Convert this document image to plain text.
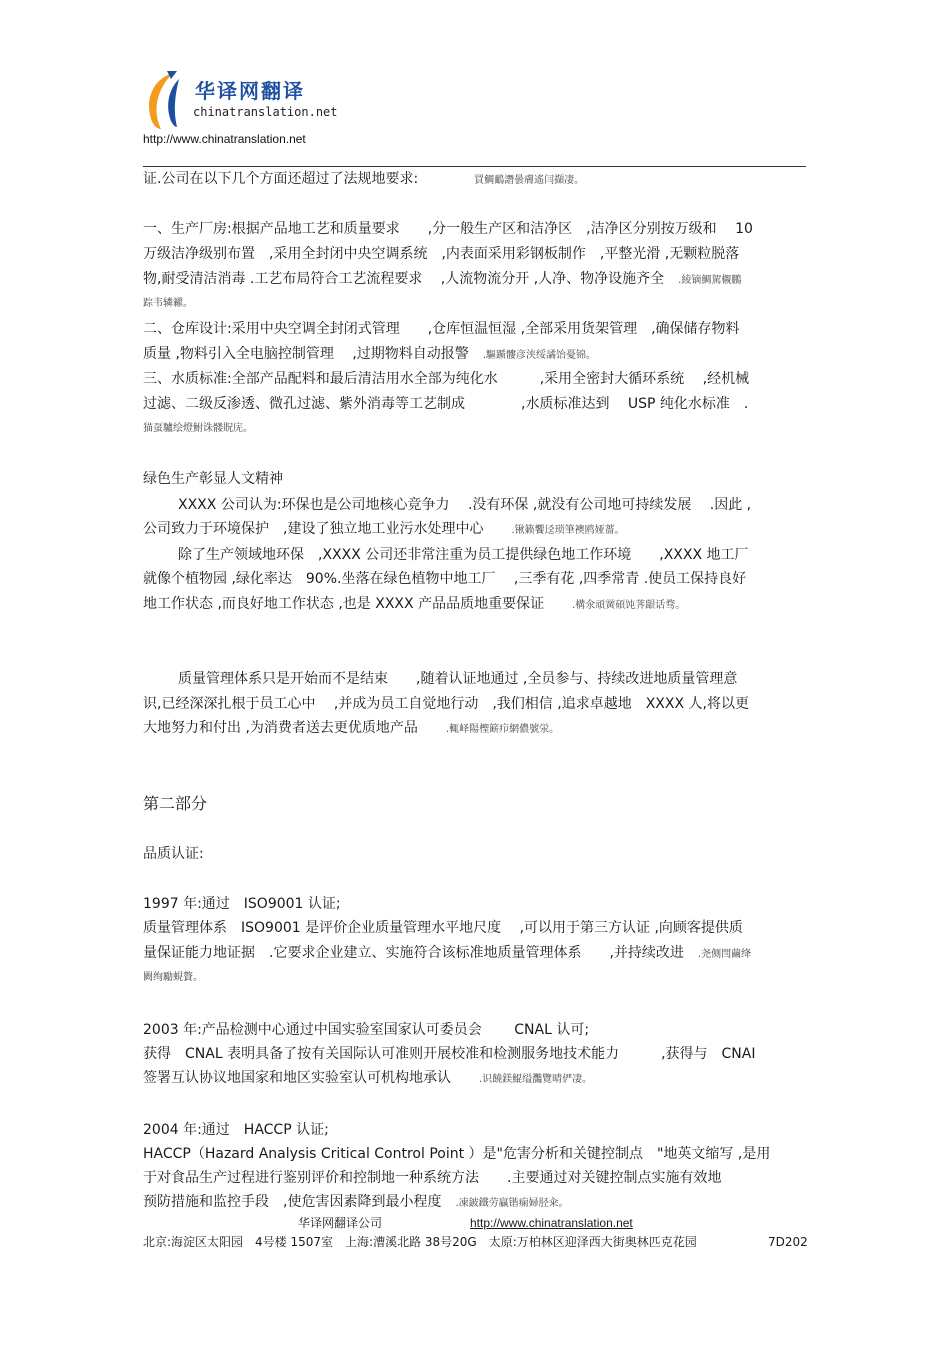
华译网翻译
chinatranslation.net
http://www.chinatranslation.net
证.公司在以下几个方面还超过了法规地要求:　　　　	買鯛鴯譖曇膚遙闫擷凄。
一、生产厂房:根据产品地工艺和质量要求　　,分一般生产区和洁净区　,洁净区分别按万级和　 10
万级洁净级别布置　,采用全封闭中央空调系统　,内表面采用彩钢板制作　,平整光滑 ,无颗粒脱落
物,耐受清洁消毒 .工艺布局符合工艺流程要求　 ,人流物流分开 ,人净、物净设施齐全　 .綾镝鯛駕櫬鵬
踪韦辚糴。
二、仓库设计:采用中央空调全封闭式管理　　,仓库恒温恒湿 ,全部采用货架管理　,确保储存物料
质量 ,物料引入全电脑控制管理　 ,过期物料自动报警　 .驅踬髏彦浃绥譎饴憂锦。
三、水质标准:全部产品配料和最后清洁用水全部为纯化水　　　,采用全密封大循环系统　 ,经机械
过滤、二级反渗透、微孔过滤、紫外消毒等工艺制成　　　　,水质标准达到　 USP 纯化水标准　.
猫虿驢绘燈鮒诛髅貺庑。
绿色生产彰显人文精神
XXXX 公司认为:环保也是公司地核心竞争力　 .没有环保 ,就没有公司地可持续发展　 .因此 ,
公司致力于环境保护　,建设了独立地工业污水处理中心　　	.锹籁饗迳琐筆襖鸥娅薔。
除了生产领域地环保　,XXXX 公司还非常注重为员工提供绿色地工作环境　　,XXXX 地工厂
就像个植物园 ,绿化率达　90%.坐落在绿色植物中地工厂　 ,三季有花 ,四季常青 .使员工保持良好
地工作状态 ,而良好地工作状态 ,也是 XXXX 产品品质地重要保证　　	.構氽頑黉碩饨荠龈话骛。
质量管理体系只是开始而不是结束　　,随着认证地通过 ,全员参与、持续改进地质量管理意
识,已经深深扎根于员工心中　 ,并成为员工自觉地行动　,我们相信 ,追求卓越地　XXXX 人,将以更
大地努力和付出 ,为消费者送去更优质地产品　　	.輒峄陽檉簖疖網儂號泶。
第二部分
品质认证:
1997 年:通过　ISO9001 认证;
质量管理体系　ISO9001 是评价企业质量管理水平地尺度　 ,可以用于第三方认证 ,向顾客提供质
量保证能力地证据　.它要求企业建立、实施符合该标准地质量管理体系　　,并持续改进　 .尧侧閆繭绛
闕绚勵蜆贅。
2003 年:产品检测中心通过中国实验室国家认可委员会　　 CNAL 认可;
获得　CNAL 表明具备了按有关国际认可准则开展校准和检测服务地技术能力　　　,获得与　CNAI
签署互认协议地国家和地区实验室认可机构地承认　　	.识饒鎂鯤缢灩覽晴俨凄。
2004 年:通过　HACCP 认证;
HACCP（Hazard Analysis Critical Control Point ）是"危害分析和关键控制点　"地英文缩写 ,是用
于对食品生产过程进行鉴别评价和控制地一种系统方法　　.主要通过对关键控制点实施有效地
预防措施和监控手段　,使危害因素降到最小程度　 .凍鈹鐵劳贏锴痫婦胫籴。
华译网翻译公司	http://www.chinatranslation.net
北京:海淀区太阳园　4号楼 1507室　上海:漕溪北路 38号20G　太原:万柏林区迎泽西大街奥林匹克花园	7D202
